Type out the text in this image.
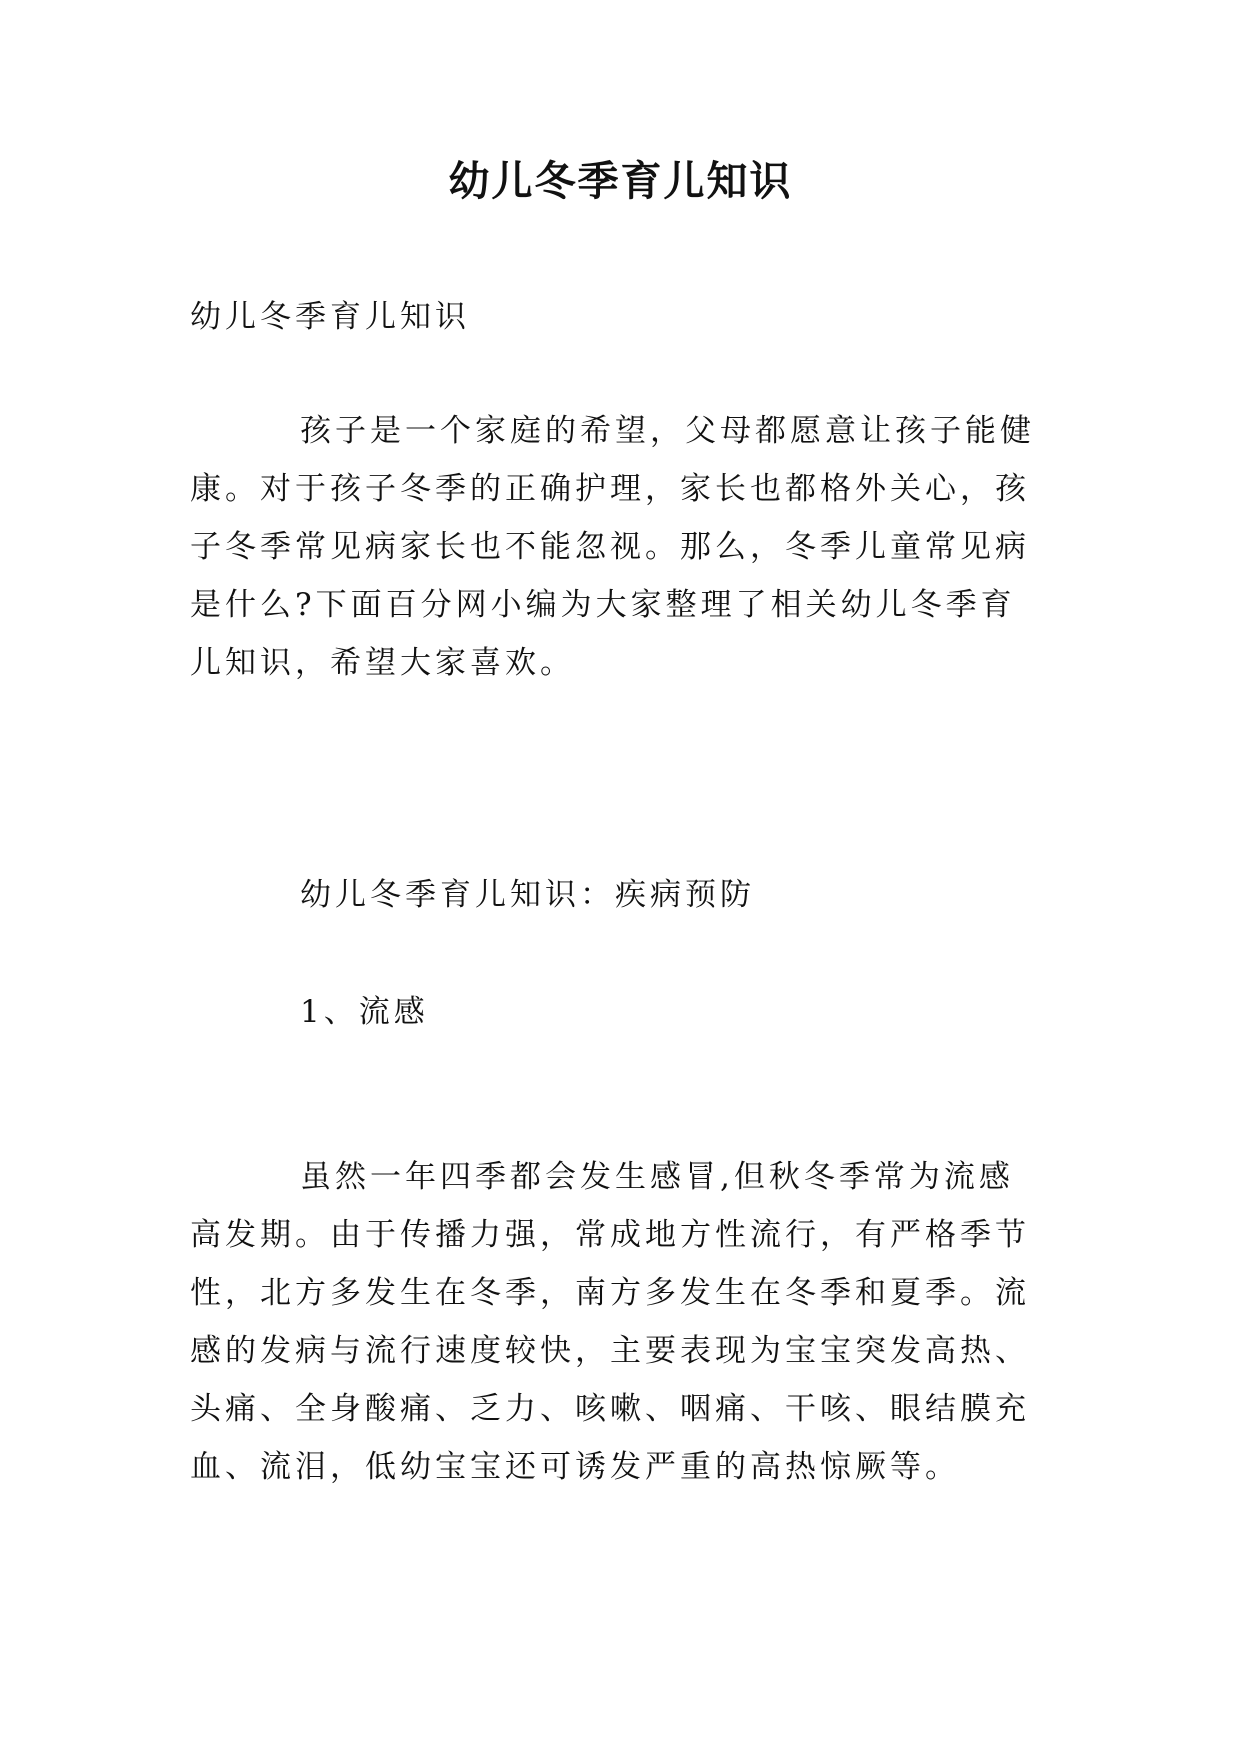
幼儿冬季育儿知识

幼儿冬季育儿知识

孩子是一个家庭的希望，父母都愿意让孩子能健康。对于孩子冬季的正确护理，家长也都格外关心，孩子冬季常见病家长也不能忽视。那么，冬季儿童常见病是什么?下面百分网小编为大家整理了相关幼儿冬季育儿知识，希望大家喜欢。

幼儿冬季育儿知识：疾病预防

1、流感

虽然一年四季都会发生感冒,但秋冬季常为流感高发期。由于传播力强，常成地方性流行，有严格季节性，北方多发生在冬季，南方多发生在冬季和夏季。流感的发病与流行速度较快，主要表现为宝宝突发高热、头痛、全身酸痛、乏力、咳嗽、咽痛、干咳、眼结膜充血、流泪，低幼宝宝还可诱发严重的高热惊厥等。
